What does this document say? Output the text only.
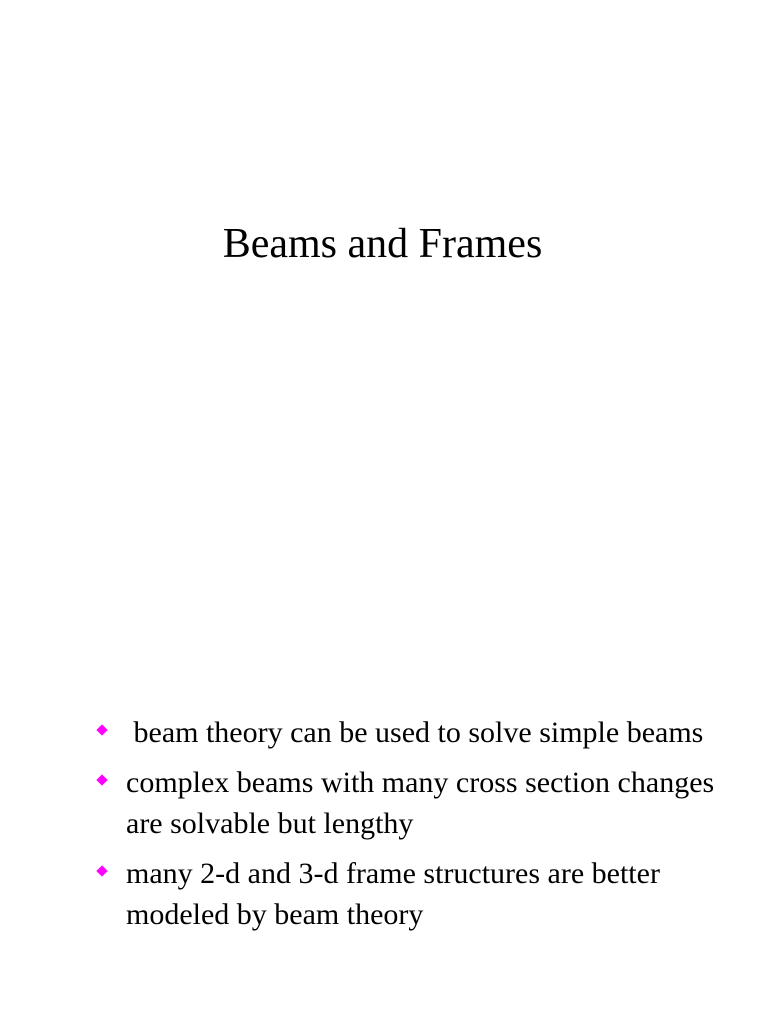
Beams and Frames
beam theory can be used to solve simple beams
complex beams with many cross section changes are solvable but lengthy
many 2-d and 3-d frame structures are better modeled by beam theory
